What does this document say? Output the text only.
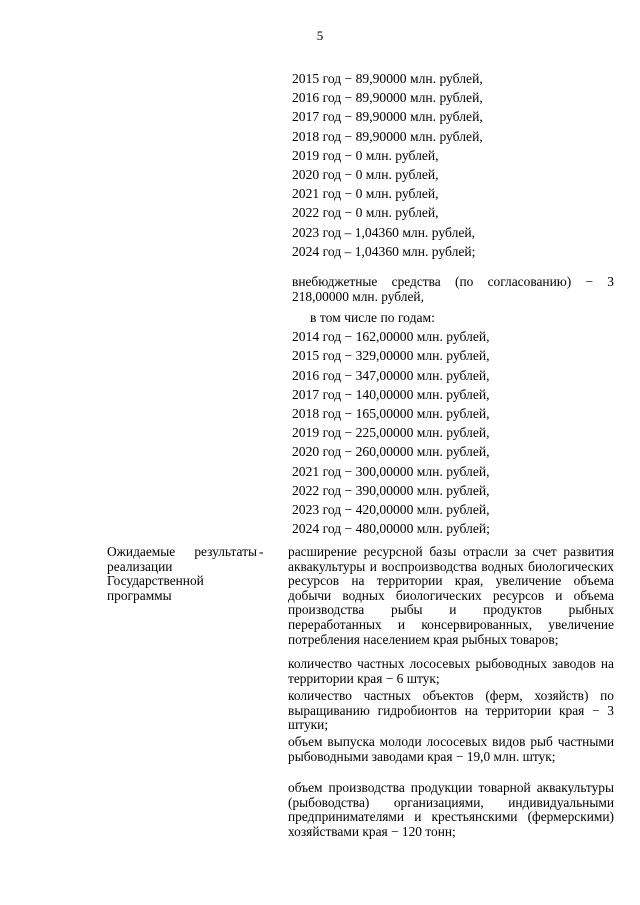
5
2015 год − 89,90000 млн. рублей,
2016 год − 89,90000 млн. рублей,
2017 год − 89,90000 млн. рублей,
2018 год − 89,90000 млн. рублей,
2019 год − 0 млн. рублей,
2020 год − 0 млн. рублей,
2021 год − 0 млн. рублей,
2022 год − 0 млн. рублей,
2023 год – 1,04360 млн. рублей,
2024 год – 1,04360 млн. рублей;
внебюджетные средства (по согласованию) − 3 218,00000 млн. рублей,
в том числе по годам:
2014 год − 162,00000 млн. рублей,
2015 год − 329,00000 млн. рублей,
2016 год − 347,00000 млн. рублей,
2017 год − 140,00000 млн. рублей,
2018 год − 165,00000 млн. рублей,
2019 год − 225,00000 млн. рублей,
2020 год − 260,00000 млн. рублей,
2021 год − 300,00000 млн. рублей,
2022 год − 390,00000 млн. рублей,
2023 год − 420,00000 млн. рублей,
2024 год − 480,00000 млн. рублей;
Ожидаемые результаты реализации Государственной программы
- расширение ресурсной базы отрасли за счет развития аквакультуры и воспроизводства водных биологических ресурсов на территории края, увеличение объема добычи водных биологических ресурсов и объема производства рыбы и продуктов рыбных переработанных и консервированных, увеличение потребления населением края рыбных товаров;
количество частных лососевых рыбоводных заводов на территории края − 6 штук;
количество частных объектов (ферм, хозяйств) по выращиванию гидробионтов на территории края − 3 штуки;
объем выпуска молоди лососевых видов рыб частными рыбоводными заводами края − 19,0 млн. штук;
объем производства продукции товарной аквакультуры (рыбоводства) организациями, индивидуальными предпринимателями и крестьянскими (фермерскими) хозяйствами края − 120 тонн;
